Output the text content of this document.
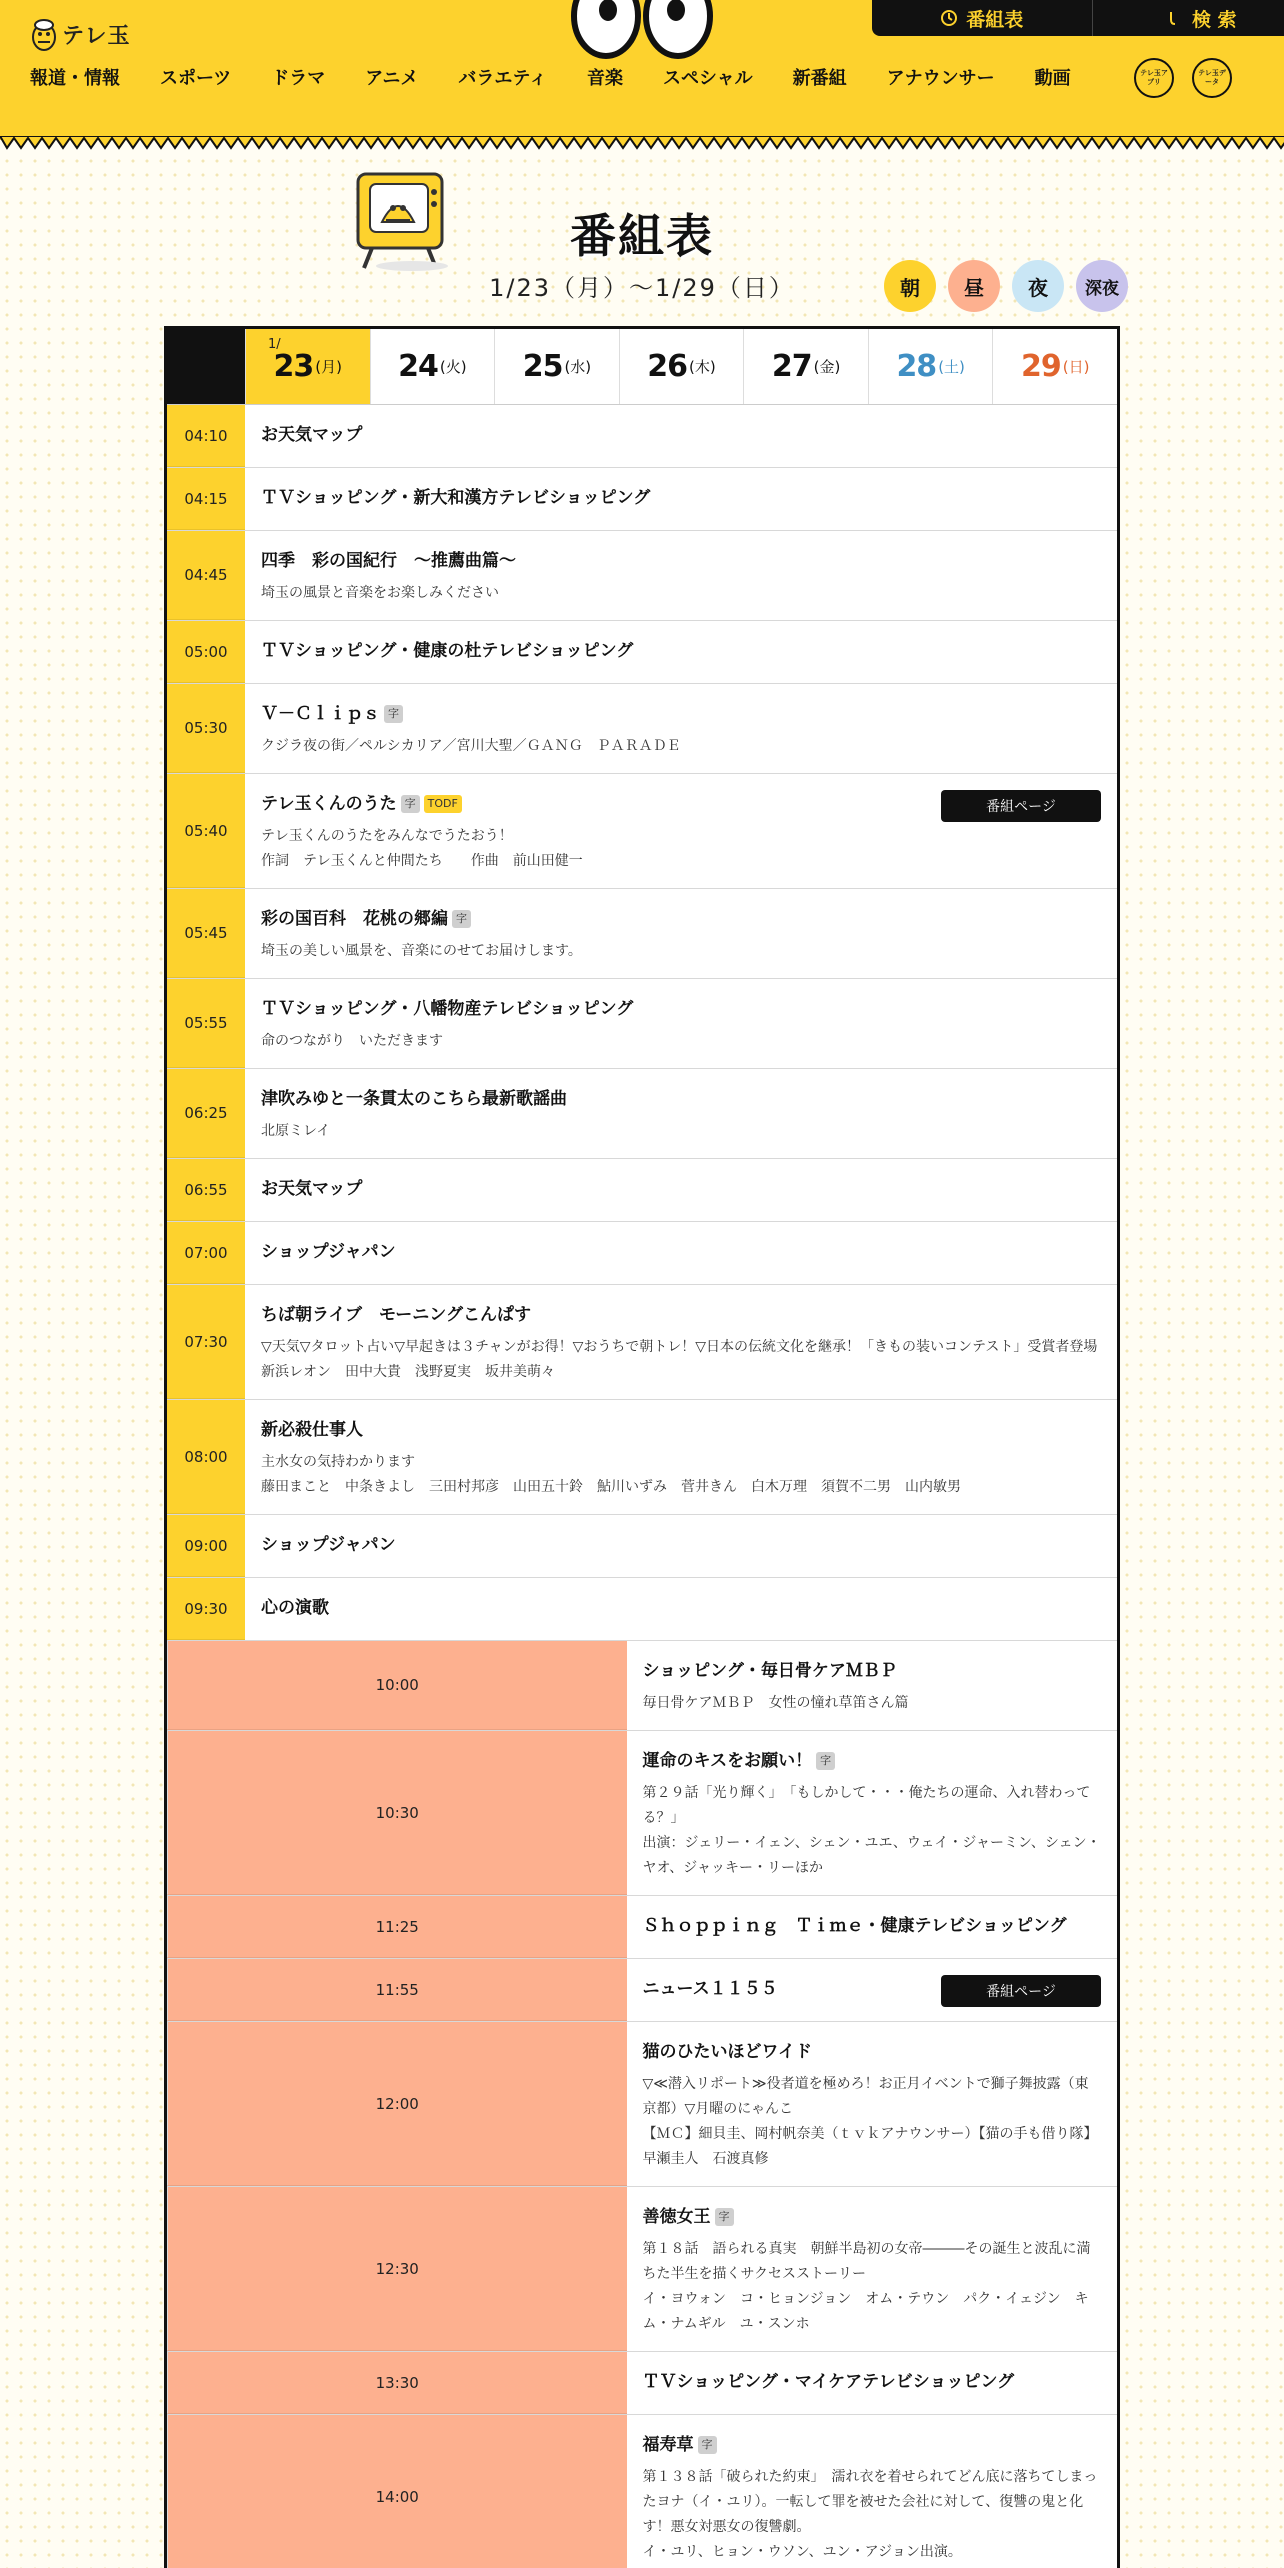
テレ玉
番組表	検 索
報道・情報 スポーツ ドラマ アニメ バラエティ 音楽 スペシャル 新番組 アナウンサー 動画	テレ玉アプリ
テレ玉データ
番組表
1/23（月）〜1/29（日）	朝	昼	夜	深夜
1/
23 (月) 24 (火) 25 (水) 26 (木) 27 (金) 28 (土) 29 (日)
04:10	お天気マップ
04:15	ＴＶショッピング・新大和漢方テレビショッピング
04:45
四季　彩の国紀行　～推薦曲篇～
埼玉の風景と音楽をお楽しみください
05:00	ＴＶショッピング・健康の杜テレビショッピング
05:30
Ｖ－Ｃｌｉｐｓ 字
クジラ夜の街／ペルシカリア／宮川大聖／ＧＡＮＧ　ＰＡＲＡＤＥ
05:40
テレ玉くんのうた 字 TODF
テレ玉くんのうたをみんなでうたおう！
作詞　テレ玉くんと仲間たち　　作曲　前山田健一
番組ページ
05:45
彩の国百科　花桃の郷編 字
埼玉の美しい風景を、音楽にのせてお届けします。
05:55
ＴＶショッピング・八幡物産テレビショッピング
命のつながり　いただきます
06:25
津吹みゆと一条貫太のこちら最新歌謡曲
北原ミレイ
06:55	お天気マップ
07:00	ショップジャパン
07:30
ちば朝ライブ　モーニングこんぱす
▽天気▽タロット占い▽早起きは３チャンがお得！▽おうちで朝トレ！▽日本の伝統文化を継承！「きもの装いコンテスト」受賞者登場
新浜レオン　田中大貴　浅野夏実　坂井美萌々
08:00
新必殺仕事人
主水女の気持わかります
藤田まこと　中条きよし　三田村邦彦　山田五十鈴　鮎川いずみ　菅井きん　白木万理　須賀不二男　山内敏男
09:00	ショップジャパン
09:30	心の演歌
10:00
ショッピング・毎日骨ケアＭＢＰ
毎日骨ケアＭＢＰ　女性の憧れ草笛さん篇
10:30
運命のキスをお願い！ 字
第２９話「光り輝く」　「もしかして・・・俺たちの運命、入れ替わってる？」
出演：ジェリー・イェン、シェン・ユエ、ウェイ・ジャーミン、シェン・ヤオ、ジャッキー・リーほか
11:25	Ｓｈｏｐｐｉｎｇ　Ｔｉｍｅ・健康テレビショッピング
11:55	ニュース１１５５	番組ページ
12:00
猫のひたいほどワイド
▽≪潜入リポート≫役者道を極めろ！お正月イベントで獅子舞披露（東京都）▽月曜のにゃんこ
【ＭＣ】細貝圭、岡村帆奈美（ｔｖｋアナウンサー）【猫の手も借り隊】早瀬圭人　石渡真修
12:30
善徳女王 字
第１８話　語られる真実　朝鮮半島初の女帝―――その誕生と波乱に満ちた半生を描くサクセスストーリー
イ・ヨウォン　コ・ヒョンジョン　オム・テウン　パク・イェジン　キム・ナムギル　ユ・スンホ
13:30	ＴＶショッピング・マイケアテレビショッピング
14:00
福寿草 字
第１３８話「破られた約束」　濡れ衣を着せられてどん底に落ちてしまったヨナ（イ・ユリ）。一転して罪を被せた会社に対して、復讐の鬼と化す！悪女対悪女の復讐劇。
イ・ユリ、ヒョン・ウソン、ユン・アジョン出演。
